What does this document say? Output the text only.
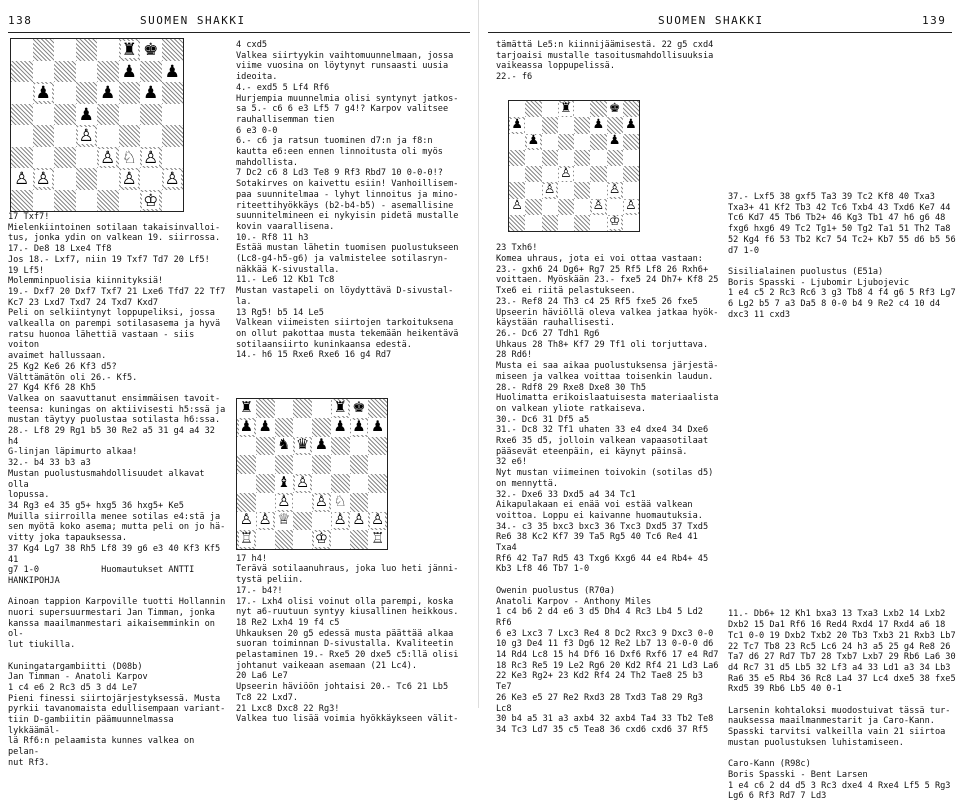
138	SUOMEN SHAKKI	SUOMEN SHAKKI	139
♜ ♚
♟ ♟
♟	♟ ♟
♟
♙
♙ ♘ ♙
♙ ♙	♙ ♙
♔
♜	♜ ♚
♟ ♟	♟ ♟ ♟
♞ ♛ ♟
♝ ♙
♙ ♙ ♘
♙ ♙ ♕	♙ ♙ ♙
♖	♔	♖
♜	♚
♟	♟ ♟
♟	♟
♙
♙	♙
♙	♙ ♙
♔
17 Txf7!
Mielenkiintoinen sotilaan takaisinvalloi-
tus, jonka ydin on valkean 19. siirrossa.
17.- De8 18 Lxe4 Tf8
Jos 18.- Lxf7, niin 19 Txf7 Td7 20 Lf5!
19 Lf5!
Molemminpuolisia kiinnityksiä!
19.- Dxf7 20 Dxf7 Txf7 21 Lxe6 Tfd7 22 Tf7
Kc7 23 Lxd7 Txd7 24 Txd7 Kxd7
Peli on selkiintynyt loppupeliksi, jossa
valkealla on parempi sotilasasema ja hyvä
ratsu huonoa lähettiä vastaan - siis voiton
avaimet hallussaan.
25 Kg2 Ke6 26 Kf3 d5?
Välttämätön oli 26.- Kf5.
27 Kg4 Kf6 28 Kh5
Valkea on saavuttanut ensimmäisen tavoit-
teensa: kuningas on aktiivisesti h5:ssä ja
mustan täytyy puolustaa sotilasta h6:ssa.
28.- Lf8 29 Rg1 b5 30 Re2 a5 31 g4 a4 32 h4
G-linjan läpimurto alkaa!
32.- b4 33 b3 a3
Mustan puolustusmahdollisuudet alkavat olla
lopussa.
34 Rg3 e4 35 g5+ hxg5 36 hxg5+ Ke5
Muilla siirroilla menee sotilas e4:stä ja
sen myötä koko asema; mutta peli on jo hä-
vitty joka tapauksessa.
37 Kg4 Lg7 38 Rh5 Lf8 39 g6 e3 40 Kf3 Kf5 41
g7 1-0            Huomautukset ANTTI HANKIPOHJA

Ainoan tappion Karpoville tuotti Hollannin
nuori supersuurmestari Jan Timman, jonka
kanssa maailmanmestari aikaisemminkin on ol-
lut tiukilla.

Kuningatargambiitti (D08b)
Jan Timman - Anatoli Karpov
1 c4 e6 2 Rc3 d5 3 d4 Le7
Pieni finessi siirtojärjestyksessä. Musta
pyrkii tavanomaista edullisempaan variant-
tiin D-gambiitin päämuunnelmassa lykkäämäl-
lä Rf6:n pelaamista kunnes valkea on pelan-
nut Rf3.
4 cxd5
Valkea siirtyykin vaihtomuunnelmaan, jossa
viime vuosina on löytynyt runsaasti uusia
ideoita.
4.- exd5 5 Lf4 Rf6
Hurjempia muunnelmia olisi syntynyt jatkos-
sa 5.- c6 6 e3 Lf5 7 g4!? Karpov valitsee
rauhallisemman tien
6 e3 0-0
6.- c6 ja ratsun tuominen d7:n ja f8:n
kautta e6:een ennen linnoitusta oli myös
mahdollista.
7 Dc2 c6 8 Ld3 Te8 9 Rf3 Rbd7 10 0-0-0!?
Sotakirves on kaivettu esiin! Vanhoillisem-
paa suunnitelmaa - lyhyt linnoitus ja mino-
riteettihyökkäys (b2-b4-b5) - asemallisine
suunnitelmineen ei nykyisin pidetä mustalle
kovin vaarallisena.
10.- Rf8 11 h3
Estää mustan lähetin tuomisen puolustukseen
(Lc8-g4-h5-g6) ja valmistelee sotilasryn-
näkkää K-sivustalla.
11.- Le6 12 Kb1 Tc8
Mustan vastapeli on löydyttävä D-sivustal-
la.
13 Rg5! b5 14 Le5
Valkean viimeisten siirtojen tarkoituksena
on ollut pakottaa musta tekemään heikentävä
sotilaansiirto kuninkaansa edestä.
14.- h6 15 Rxe6 Rxe6 16 g4 Rd7

17 h4!
Terävä sotilaanuhraus, joka luo heti jänni-
tystä peliin.
17.- b4?!
17.- Lxh4 olisi voinut olla parempi, koska
nyt a6-ruutuun syntyy kiusallinen heikkous.
18 Re2 Lxh4 19 f4 c5
Uhkauksen 20 g5 edessä musta päättää alkaa
suoran toiminnan D-sivustalla. Kvaliteetin
pelastaminen 19.- Rxe5 20 dxe5 c5:llä olisi
johtanut vaikeaan asemaan (21 Lc4).
20 La6 Le7
Upseerin häviöön johtaisi 20.- Tc6 21 Lb5
Tc8 22 Lxd7.
21 Lxc8 Dxc8 22 Rg3!
Valkea tuo lisää voimia hyökkäykseen välit-
tämättä Le5:n kiinnijäämisestä. 22 g5 cxd4
tarjoaisi mustalle tasoitusmahdollisuuksia
vaikeassa loppupelissä.
22.- f6

23 Txh6!
Komea uhraus, jota ei voi ottaa vastaan:
23.- gxh6 24 Dg6+ Rg7 25 Rf5 Lf8 26 Rxh6+
voittaen. Myöskään 23.- fxe5 24 Dh7+ Kf8 25
Txe6 ei riitä pelastukseen.
23.- Ref8 24 Th3 c4 25 Rf5 fxe5 26 fxe5
Upseerin häviöllä oleva valkea jatkaa hyök-
käystään rauhallisesti.
26.- Dc6 27 Tdh1 Rg6
Uhkaus 28 Th8+ Kf7 29 Tf1 oli torjuttava.
28 Rd6!
Musta ei saa aikaa puolustuksensa järjestä-
miseen ja valkea voittaa toisenkin laudun.
28.- Rdf8 29 Rxe8 Dxe8 30 Th5
Huolimatta erikoislaatuisesta materiaalista
on valkean yliote ratkaiseva.
30.- Dc6 31 Df5 a5
31.- Dc8 32 Tf1 uhaten 33 e4 dxe4 34 Dxe6
Rxe6 35 d5, jolloin valkean vapaasotilaat
pääsevät eteenpäin, ei käynyt päinsä.
32 e6!
Nyt mustan viimeinen toivokin (sotilas d5)
on mennyttä.
32.- Dxe6 33 Dxd5 a4 34 Tc1
Aikapulakaan ei enää voi estää valkean
voittoa. Loppu ei kaivanne huomautuksia.
34.- c3 35 bxc3 bxc3 36 Txc3 Dxd5 37 Txd5
Re6 38 Kc2 Kf7 39 Ta5 Rg5 40 Tc6 Re4 41 Txa4
Rf6 42 Ta7 Rd5 43 Txg6 Kxg6 44 e4 Rb4+ 45
Kb3 Lf8 46 Tb7 1-0

Owenin puolustus (R70a)
Anatoli Karpov - Anthony Miles
1 c4 b6 2 d4 e6 3 d5 Dh4 4 Rc3 Lb4 5 Ld2 Rf6
6 e3 Lxc3 7 Lxc3 Re4 8 Dc2 Rxc3 9 Dxc3 0-0
10 g3 De4 11 f3 Dg6 12 Re2 Lb7 13 0-0-0 d6
14 Rd4 Lc8 15 h4 Df6 16 Dxf6 Rxf6 17 e4 Rd7
18 Rc3 Re5 19 Le2 Rg6 20 Kd2 Rf4 21 Ld3 La6
22 Ke3 Rg2+ 23 Kd2 Rf4 24 Th2 Tae8 25 b3 Te7
26 Ke3 e5 27 Re2 Rxd3 28 Txd3 Ta8 29 Rg3 Lc8
30 b4 a5 31 a3 axb4 32 axb4 Ta4 33 Tb2 Te8
34 Tc3 Ld7 35 c5 Tea8 36 cxd6 cxd6 37 Rf5
37.- Lxf5 38 gxf5 Ta3 39 Tc2 Kf8 40 Txa3
Txa3+ 41 Kf2 Tb3 42 Tc6 Txb4 43 Txd6 Ke7 44
Tc6 Kd7 45 Tb6 Tb2+ 46 Kg3 Tb1 47 h6 g6 48
fxg6 hxg6 49 Tc2 Tg1+ 50 Tg2 Ta1 51 Th2 Ta8
52 Kg4 f6 53 Tb2 Kc7 54 Tc2+ Kb7 55 d6 b5 56
d7 1-0

Sisilialainen puolustus (E51a)
Boris Spasski - Ljubomir Ljubojevic
1 e4 c5 2 Rc3 Rc6 3 g3 Tb8 4 f4 g6 5 Rf3 Lg7
6 Lg2 b5 7 a3 Da5 8 0-0 b4 9 Re2 c4 10 d4
dxc3 11 cxd3

11.- Db6+ 12 Kh1 bxa3 13 Txa3 Lxb2 14 Lxb2
Dxb2 15 Da1 Rf6 16 Red4 Rxd4 17 Rxd4 a6 18
Tc1 0-0 19 Dxb2 Txb2 20 Tb3 Txb3 21 Rxb3 Lb7
22 Tc7 Tb8 23 Rc5 Lc6 24 h3 a5 25 g4 Re8 26
Ta7 d6 27 Rd7 Tb7 28 Txb7 Lxb7 29 Rb6 La6 30
d4 Rc7 31 d5 Lb5 32 Lf3 a4 33 Ld1 a3 34 Lb3
Ra6 35 e5 Rb4 36 Rc8 La4 37 Lc4 dxe5 38 fxe5
Rxd5 39 Rb6 Lb5 40 0-1

Larsenin kohtaloksi muodostuivat tässä tur-
nauksessa maailmanmestarit ja Caro-Kann.
Spasski tarvitsi valkeilla vain 21 siirtoa
mustan puolustuksen luhistamiseen.

Caro-Kann (R98c)
Boris Spasski - Bent Larsen
1 e4 c6 2 d4 d5 3 Rc3 dxe4 4 Rxe4 Lf5 5 Rg3
Lg6 6 Rf3 Rd7 7 Ld3
